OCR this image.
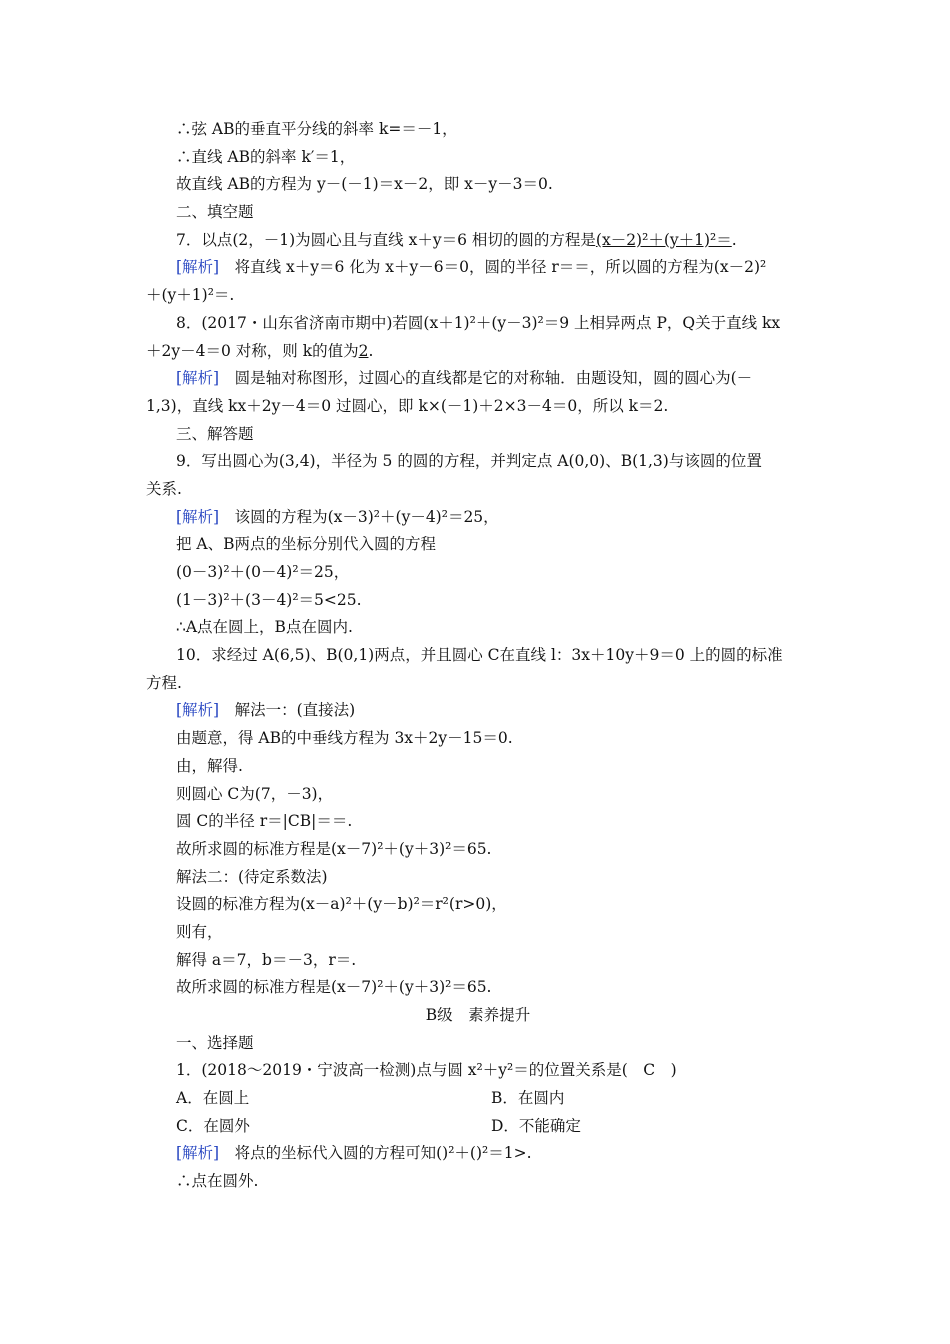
∴弦 AB的垂直平分线的斜率 k=＝－1，
∴直线 AB的斜率 k′＝1，
故直线 AB的方程为 y－(－1)＝x－2，即 x－y－3＝0.
二、填空题
7．以点(2，－1)为圆心且与直线 x＋y＝6 相切的圆的方程是(x－2)²＋(y＋1)²＝.
[解析]　将直线 x＋y＝6 化为 x＋y－6＝0，圆的半径 r＝＝，所以圆的方程为(x－2)²
＋(y＋1)²＝.
8．(2017・山东省济南市期中)若圆(x＋1)²＋(y－3)²＝9 上相异两点 P，Q关于直线 kx
＋2y－4＝0 对称，则 k的值为2.
[解析]　圆是轴对称图形，过圆心的直线都是它的对称轴．由题设知，圆的圆心为(－
1,3)，直线 kx＋2y－4＝0 过圆心，即 k×(－1)＋2×3－4＝0，所以 k＝2.
三、解答题
9．写出圆心为(3,4)，半径为 5 的圆的方程，并判定点 A(0,0)、B(1,3)与该圆的位置
关系.
[解析]　该圆的方程为(x－3)²＋(y－4)²＝25，
把 A、B两点的坐标分别代入圆的方程
(0－3)²＋(0－4)²＝25，
(1－3)²＋(3－4)²＝5<25.
∴A点在圆上，B点在圆内.
10．求经过 A(6,5)、B(0,1)两点，并且圆心 C在直线 l：3x＋10y＋9＝0 上的圆的标准
方程.
[解析]　解法一：(直接法)
由题意，得 AB的中垂线方程为 3x＋2y－15＝0.
由，解得.
则圆心 C为(7，－3)，
圆 C的半径 r＝|CB|＝＝.
故所求圆的标准方程是(x－7)²＋(y＋3)²＝65.
解法二：(待定系数法)
设圆的标准方程为(x－a)²＋(y－b)²＝r²(r>0)，
则有，
解得 a＝7，b＝－3，r＝.
故所求圆的标准方程是(x－7)²＋(y＋3)²＝65.
B级　素养提升
一、选择题
1．(2018～2019・宁波高一检测)点与圆 x²＋y²＝的位置关系是(　C　)
A．在圆上	B．在圆内
C．在圆外	D．不能确定
[解析]　将点的坐标代入圆的方程可知()²＋()²＝1>.
∴点在圆外.
